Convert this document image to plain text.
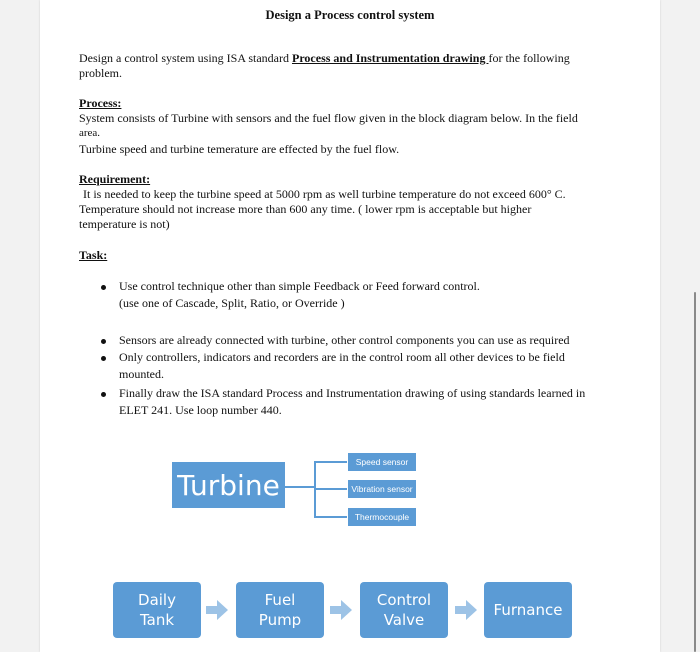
Design a Process control system
Design a control system using ISA standard Process and Instrumentation drawing for the following
problem.
Process:
System consists of Turbine with sensors and the fuel flow given in the block diagram below. In the field
area.
Turbine speed and turbine temerature are effected by the fuel flow.
Requirement:
It is needed to keep the turbine speed at 5000 rpm as well turbine temperature do not exceed 600° C.
Temperature should not increase more than 600 any time. ( lower rpm is acceptable but higher
temperature is not)
Task:
Use control technique other than simple Feedback or Feed forward control.
(use one of Cascade, Split, Ratio, or Override )
Sensors are already connected with turbine, other control components you can use as required
Only controllers, indicators and recorders are in the control room all other devices to be field
mounted.
Finally draw the ISA standard Process and Instrumentation drawing of using standards learned in
ELET 241. Use loop number 440.
Turbine
Speed sensor
Vibration sensor
Thermocouple
Daily
Tank
Fuel
Pump
Control
Valve
Furnance
